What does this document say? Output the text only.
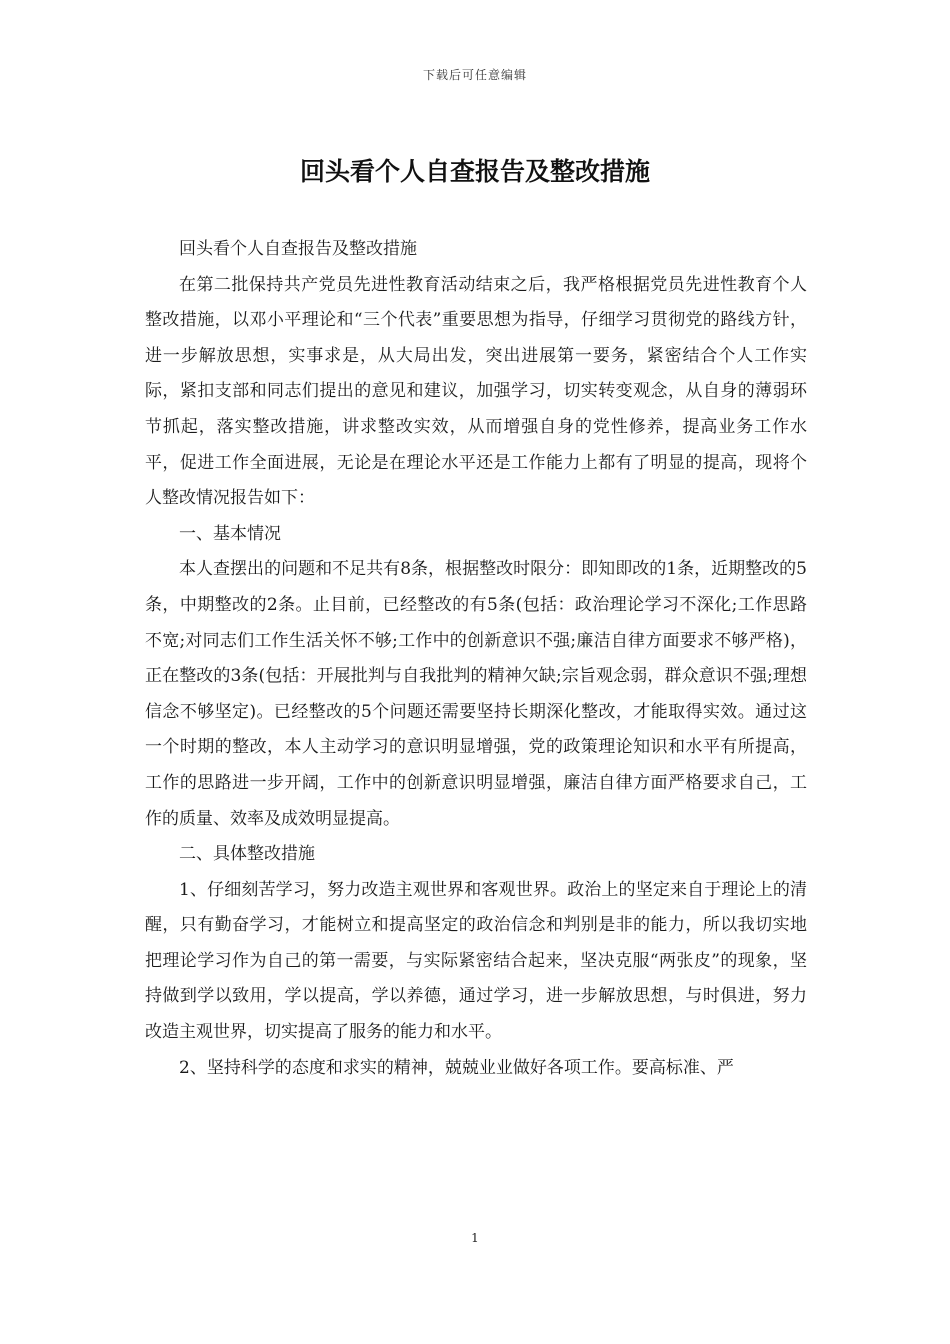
下载后可任意编辑
回头看个人自查报告及整改措施

回头看个人自查报告及整改措施

在第二批保持共产党员先进性教育活动结束之后，我严格根据党员先进性教育个人整改措施，以邓小平理论和“三个代表”重要思想为指导，仔细学习贯彻党的路线方针，进一步解放思想，实事求是，从大局出发，突出进展第一要务，紧密结合个人工作实际，紧扣支部和同志们提出的意见和建议，加强学习，切实转变观念，从自身的薄弱环节抓起，落实整改措施，讲求整改实效，从而增强自身的党性修养，提高业务工作水平，促进工作全面进展，无论是在理论水平还是工作能力上都有了明显的提高，现将个人整改情况报告如下：

一、基本情况

本人查摆出的问题和不足共有8条，根据整改时限分：即知即改的1条，近期整改的5条，中期整改的2条。止目前，已经整改的有5条(包括：政治理论学习不深化;工作思路不宽;对同志们工作生活关怀不够;工作中的创新意识不强;廉洁自律方面要求不够严格)，正在整改的3条(包括：开展批判与自我批判的精神欠缺;宗旨观念弱，群众意识不强;理想信念不够坚定)。已经整改的5个问题还需要坚持长期深化整改，才能取得实效。通过这一个时期的整改，本人主动学习的意识明显增强，党的政策理论知识和水平有所提高，工作的思路进一步开阔，工作中的创新意识明显增强，廉洁自律方面严格要求自己，工作的质量、效率及成效明显提高。

二、具体整改措施

1、仔细刻苦学习，努力改造主观世界和客观世界。政治上的坚定来自于理论上的清醒，只有勤奋学习，才能树立和提高坚定的政治信念和判别是非的能力，所以我切实地把理论学习作为自己的第一需要，与实际紧密结合起来，坚决克服“两张皮”的现象，坚持做到学以致用，学以提高，学以养德，通过学习，进一步解放思想，与时俱进，努力改造主观世界，切实提高了服务的能力和水平。

2、坚持科学的态度和求实的精神，兢兢业业做好各项工作。要高标准、严

1
